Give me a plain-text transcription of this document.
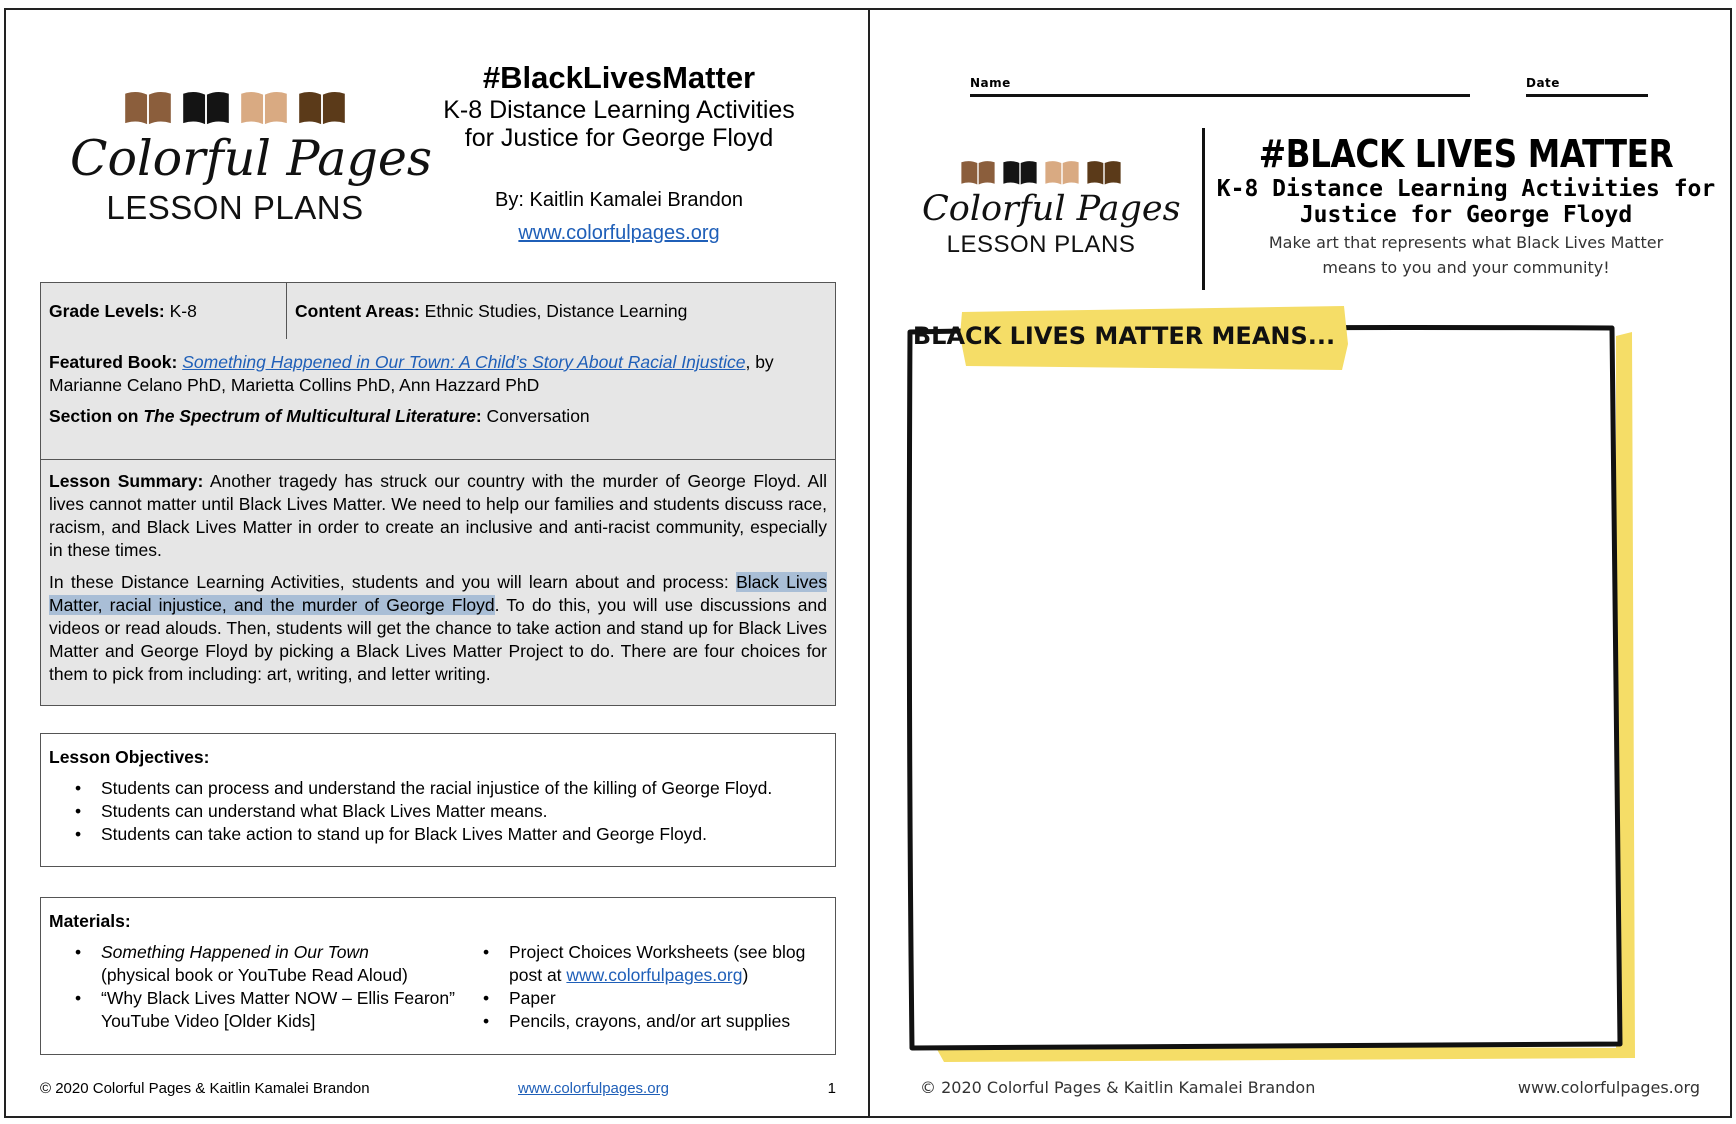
Colorful Pages
LESSON PLANS
#BlackLivesMatter
K-8 Distance Learning Activities
for Justice for George Floyd
By: Kaitlin Kamalei Brandon
www.colorfulpages.org
Grade Levels: K-8	Content Areas: Ethnic Studies, Distance Learning

Featured Book: Something Happened in Our Town: A Child’s Story About Racial Injustice, by Marianne Celano PhD, Marietta Collins PhD, Ann Hazzard PhD

Section on The Spectrum of Multicultural Literature: Conversation

Lesson Summary: Another tragedy has struck our country with the murder of George Floyd. All lives cannot matter until Black Lives Matter. We need to help our families and students discuss race, racism, and Black Lives Matter in order to create an inclusive and anti-racist community, especially in these times.

In these Distance Learning Activities, students and you will learn about and process: Black Lives Matter, racial injustice, and the murder of George Floyd. To do this, you will use discussions and videos or read alouds. Then, students will get the chance to take action and stand up for Black Lives Matter and George Floyd by picking a Black Lives Matter Project to do. There are four choices for them to pick from including: art, writing, and letter writing.

Lesson Objectives:
• Students can process and understand the racial injustice of the killing of George Floyd.
• Students can understand what Black Lives Matter means.
• Students can take action to stand up for Black Lives Matter and George Floyd.
Materials:
• Something Happened in Our Town
(physical book or YouTube Read Aloud)
• “Why Black Lives Matter NOW – Ellis Fearon” YouTube Video [Older Kids]
• Project Choices Worksheets (see blog post at www.colorfulpages.org)
• Paper
• Pencils, crayons, and/or art supplies
© 2020 Colorful Pages & Kaitlin Kamalei Brandon	www.colorfulpages.org	1
Name	Date
Colorful Pages
LESSON PLANS
#BLACK LIVES MATTER
K-8 Distance Learning Activities for
Justice for George Floyd
Make art that represents what Black Lives Matter
means to you and your community!
BLACK LIVES MATTER MEANS...
© 2020 Colorful Pages & Kaitlin Kamalei Brandon	www.colorfulpages.org
